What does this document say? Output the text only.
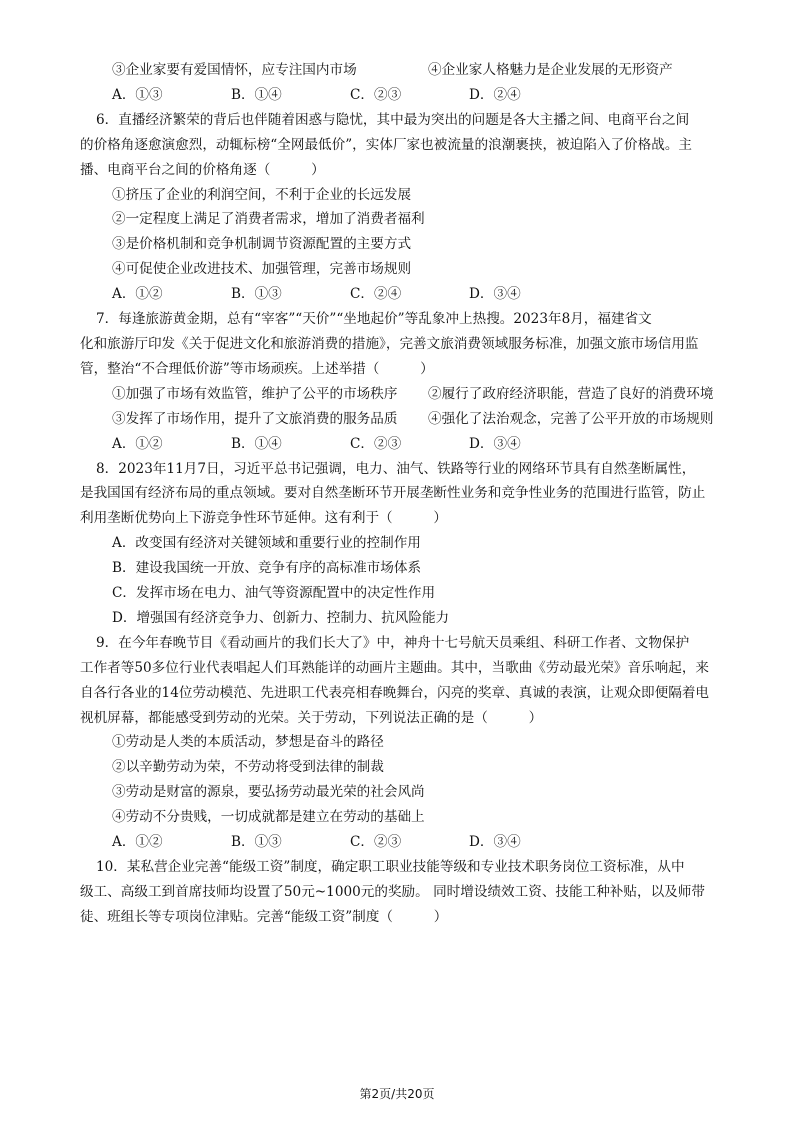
③企业家要有爱国情怀，应专注国内市场	④企业家人格魅力是企业发展的无形资产
A．①③	B．①④	C．②③	D．②④
6．直播经济繁荣的背后也伴随着困惑与隐忧，其中最为突出的问题是各大主播之间、电商平台之间
的价格角逐愈演愈烈，动辄标榜“全网最低价”，实体厂家也被流量的浪潮裹挟，被迫陷入了价格战。主
播、电商平台之间的价格角逐（　　　）
①挤压了企业的利润空间，不利于企业的长远发展
②一定程度上满足了消费者需求，增加了消费者福利
③是价格机制和竞争机制调节资源配置的主要方式
④可促使企业改进技术、加强管理，完善市场规则
A．①②	B．①③	C．②④	D．③④
7．每逢旅游黄金期，总有“宰客”“天价”“坐地起价”等乱象冲上热搜。2023年8月，福建省文
化和旅游厅印发《关于促进文化和旅游消费的措施》，完善文旅消费领域服务标准，加强文旅市场信用监
管，整治“不合理低价游”等市场顽疾。上述举措（　　　）
①加强了市场有效监管，维护了公平的市场秩序	②履行了政府经济职能，营造了良好的消费环境
③发挥了市场作用，提升了文旅消费的服务品质	④强化了法治观念，完善了公平开放的市场规则
A．①②	B．①④	C．②③	D．③④
8．2023年11月7日，习近平总书记强调，电力、油气、铁路等行业的网络环节具有自然垄断属性，
是我国国有经济布局的重点领域。要对自然垄断环节开展垄断性业务和竞争性业务的范围进行监管，防止
利用垄断优势向上下游竞争性环节延伸。这有利于（　　　）
A．改变国有经济对关键领域和重要行业的控制作用
B．建设我国统一开放、竞争有序的高标准市场体系
C．发挥市场在电力、油气等资源配置中的决定性作用
D．增强国有经济竞争力、创新力、控制力、抗风险能力
9．在今年春晚节目《看动画片的我们长大了》中，神舟十七号航天员乘组、科研工作者、文物保护
工作者等50多位行业代表唱起人们耳熟能详的动画片主题曲。其中，当歌曲《劳动最光荣》音乐响起，来
自各行各业的14位劳动模范、先进职工代表亮相春晚舞台，闪亮的奖章、真诚的表演，让观众即便隔着电
视机屏幕，都能感受到劳动的光荣。关于劳动，下列说法正确的是（　　　）
①劳动是人类的本质活动，梦想是奋斗的路径
②以辛勤劳动为荣，不劳动将受到法律的制裁
③劳动是财富的源泉，要弘扬劳动最光荣的社会风尚
④劳动不分贵贱，一切成就都是建立在劳动的基础上
A．①②	B．①③	C．②③	D．③④
10．某私营企业完善“能级工资”制度，确定职工职业技能等级和专业技术职务岗位工资标准，从中
级工、高级工到首席技师均设置了50元~1000元的奖励。 同时增设绩效工资、技能工种补贴，以及师带
徒、班组长等专项岗位津贴。完善“能级工资”制度（　　　）
第2页/共20页
